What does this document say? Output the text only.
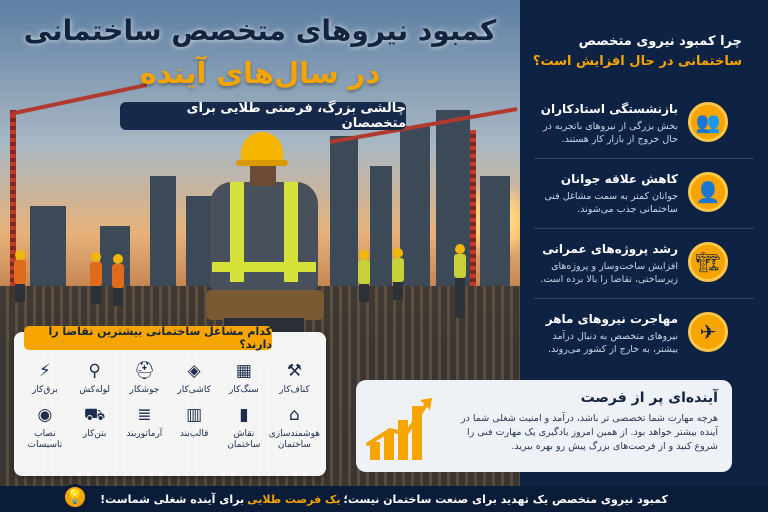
کمبود نیروهای متخصص ساختمانی
در سال‌های آینده
چالشی بزرگ، فرصتی طلایی برای متخصصان
کدام مشاغل ساختمانی بیشترین تقاضا را دارند؟
⚒
کناف‌کار
▦
سنگ‌کار
◈
کاشی‌کار
⛑
جوشکار
⚲
لوله‌کش
⚡
برق‌کار
⌂
هوشمندسازی ساختمان
▮
نقاش ساختمان
▥
قالب‌بند
≣
آرماتوربند
⛟
بتن‌کار
◉
نصاب تاسیسات
چرا کمبود نیروی متخصص
ساختمانی در حال افزایش است؟
👥
بازنشستگی استادکاران
بخش بزرگی از نیروهای باتجربه در حال خروج از بازار کار هستند.
👤
کاهش علاقه جوانان
جوانان کمتر به سمت مشاغل فنی ساختمانی جذب می‌شوند.
🏗
رشد پروژه‌های عمرانی
افزایش ساخت‌وساز و پروژه‌های زیرساختی، تقاضا را بالا برده است.
✈
مهاجرت نیروهای ماهر
نیروهای متخصص به دنبال درآمد بیشتر، به خارج از کشور می‌روند.
آینده‌ای پر از فرصت
هرچه مهارت شما تخصصی تر باشد، درآمد و امنیت شغلی شما در آینده بیشتر خواهد بود. از همین امروز یادگیری یک مهارت فنی را شروع کنید و از فرصت‌های بزرگ پیش رو بهره ببرید.
کمبود نیروی متخصص یک تهدید برای صنعت ساختمان نیست؛
یک فرصت طلایی
برای آینده شغلی شماست!
💡
